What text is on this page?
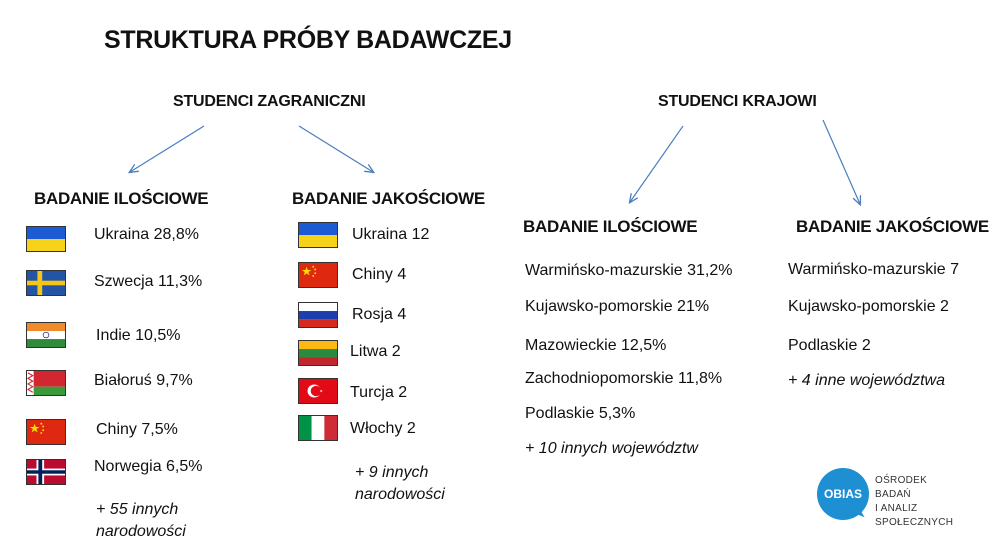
STRUKTURA PRÓBY BADAWCZEJ
STUDENCI ZAGRANICZNI	STUDENCI KRAJOWI
BADANIE ILOŚCIOWE	BADANIE JAKOŚCIOWE
BADANIE ILOŚCIOWE	BADANIE JAKOŚCIOWE
Ukraina 28,8%
Szwecja 11,3%
Indie 10,5%
Białoruś 9,7%
Chiny 7,5%
Norwegia 6,5%
+ 55 innych narodowości
Ukraina 12
Chiny 4
Rosja 4
Litwa 2
Turcja 2
Włochy 2
+ 9 innych narodowości
Warmińsko-mazurskie 31,2%
Kujawsko-pomorskie 21%
Mazowieckie 12,5%
Zachodniopomorskie 11,8%
Podlaskie 5,3%
+ 10 innych województw
Warmińsko-mazurskie 7
Kujawsko-pomorskie 2
Podlaskie 2
+ 4 inne województwa
OBIAS
OŚRODEK BADAŃ
I ANALIZ SPOŁECZNYCH
